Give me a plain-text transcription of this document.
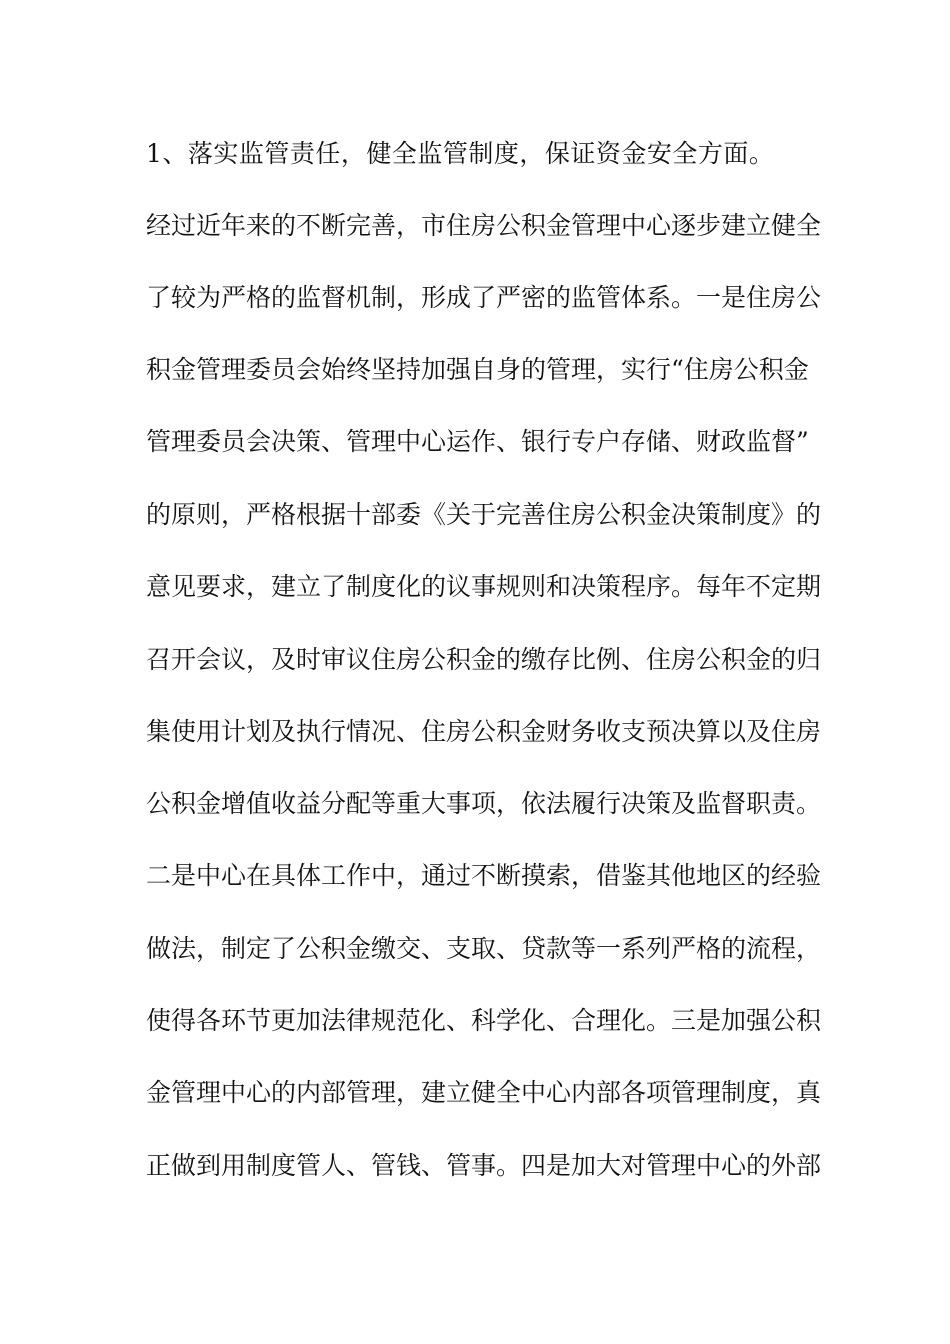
1、落实监管责任，健全监管制度，保证资金安全方面。
经过近年来的不断完善，市住房公积金管理中心逐步建立健全
了较为严格的监督机制，形成了严密的监管体系。一是住房公
积金管理委员会始终坚持加强自身的管理，实行“住房公积金
管理委员会决策、管理中心运作、银行专户存储、财政监督”
的原则，严格根据十部委《关于完善住房公积金决策制度》的
意见要求，建立了制度化的议事规则和决策程序。每年不定期
召开会议，及时审议住房公积金的缴存比例、住房公积金的归
集使用计划及执行情况、住房公积金财务收支预决算以及住房
公积金增值收益分配等重大事项，依法履行决策及监督职责。
二是中心在具体工作中，通过不断摸索，借鉴其他地区的经验
做法，制定了公积金缴交、支取、贷款等一系列严格的流程，
使得各环节更加法律规范化、科学化、合理化。三是加强公积
金管理中心的内部管理，建立健全中心内部各项管理制度，真
正做到用制度管人、管钱、管事。四是加大对管理中心的外部
